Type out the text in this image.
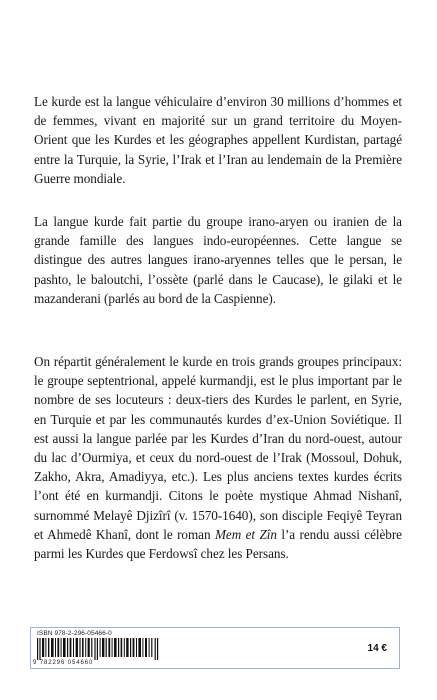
Le kurde est la langue véhiculaire d’environ 30 millions d’hommes et de femmes, vivant en majorité sur un grand territoire du Moyen-Orient que les Kurdes et les géographes appellent Kurdistan, partagé entre la Turquie, la Syrie, l’Irak et l’Iran au lendemain de la Première Guerre mondiale.

La langue kurde fait partie du groupe irano-aryen ou iranien de la grande famille des langues indo-européennes. Cette langue se distingue des autres langues irano-aryennes telles que le persan, le pashto, le baloutchi, l’ossète (parlé dans le Caucase), le gilaki et le mazanderani (parlés au bord de la Caspienne).

On répartit généralement le kurde en trois grands groupes principaux: le groupe septentrional, appelé kurmandji, est le plus important par le nombre de ses locuteurs : deux-tiers des Kurdes le parlent, en Syrie, en Turquie et par les communautés kurdes d’ex-Union Soviétique. Il est aussi la langue parlée par les Kurdes d’Iran du nord-ouest, autour du lac d’Ourmiya, et ceux du nord-ouest de l’Irak (Mossoul, Dohuk, Zakho, Akra, Amadiyya, etc.). Les plus anciens textes kurdes écrits l’ont été en kurmandji. Citons le poète mystique Ahmad Nishanî, surnommé Melayê Djizîrî (v. 1570-1640), son disciple Feqiyê Teyran et Ahmedê Khanî, dont le roman Mem et Zîn l’a rendu aussi célèbre parmi les Kurdes que Ferdowsî chez les Persans.

ISBN 978-2-296-05466-0
9 782296 054660
14 €
